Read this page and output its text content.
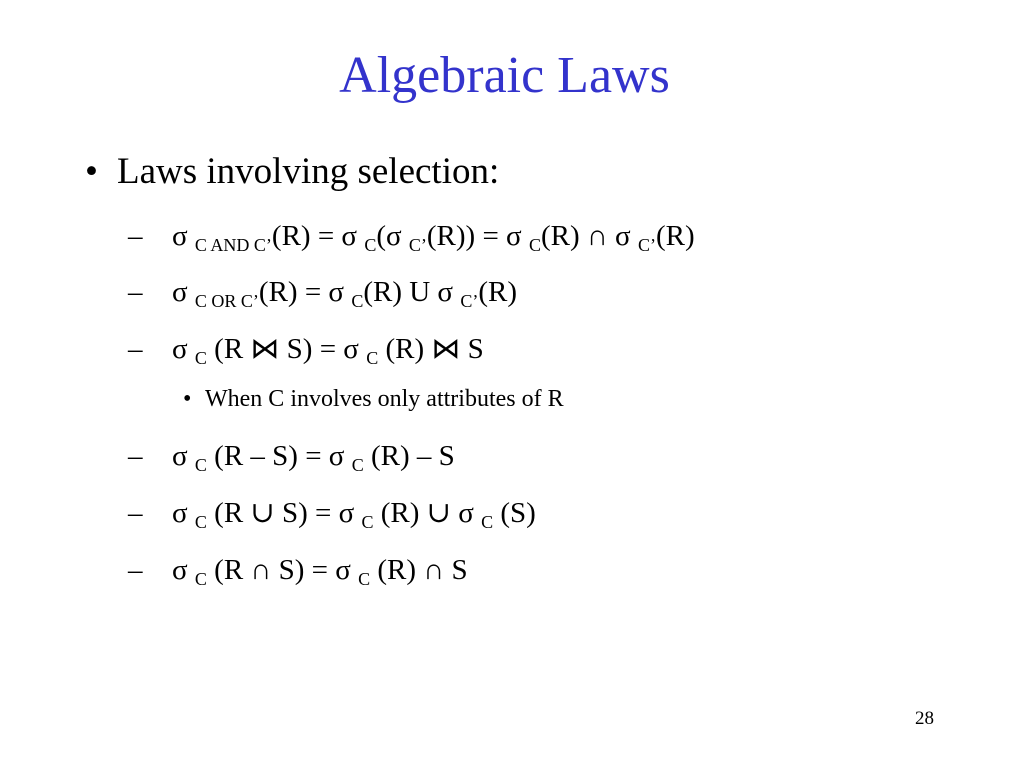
Algebraic Laws
• Laws involving selection:
– σ $_{C AND C’}$(R) = σ $_C$(σ $_{C’}$(R)) = σ $_C$(R) ∩ σ $_{C’}$(R)
– σ $_{C OR C’}$(R) = σ $_C$(R) U σ $_{C’}$(R)
– σ $_C$ (R ⋈ S) = σ $_C$ (R) ⋈ S
• When C involves only attributes of R
– σ $_C$ (R – S) = σ $_C$ (R) – S
– σ $_C$ (R ∪ S) = σ $_C$ (R) ∪ σ $_C$ (S)
– σ $_C$ (R ∩ S) = σ $_C$ (R) ∩ S
28
